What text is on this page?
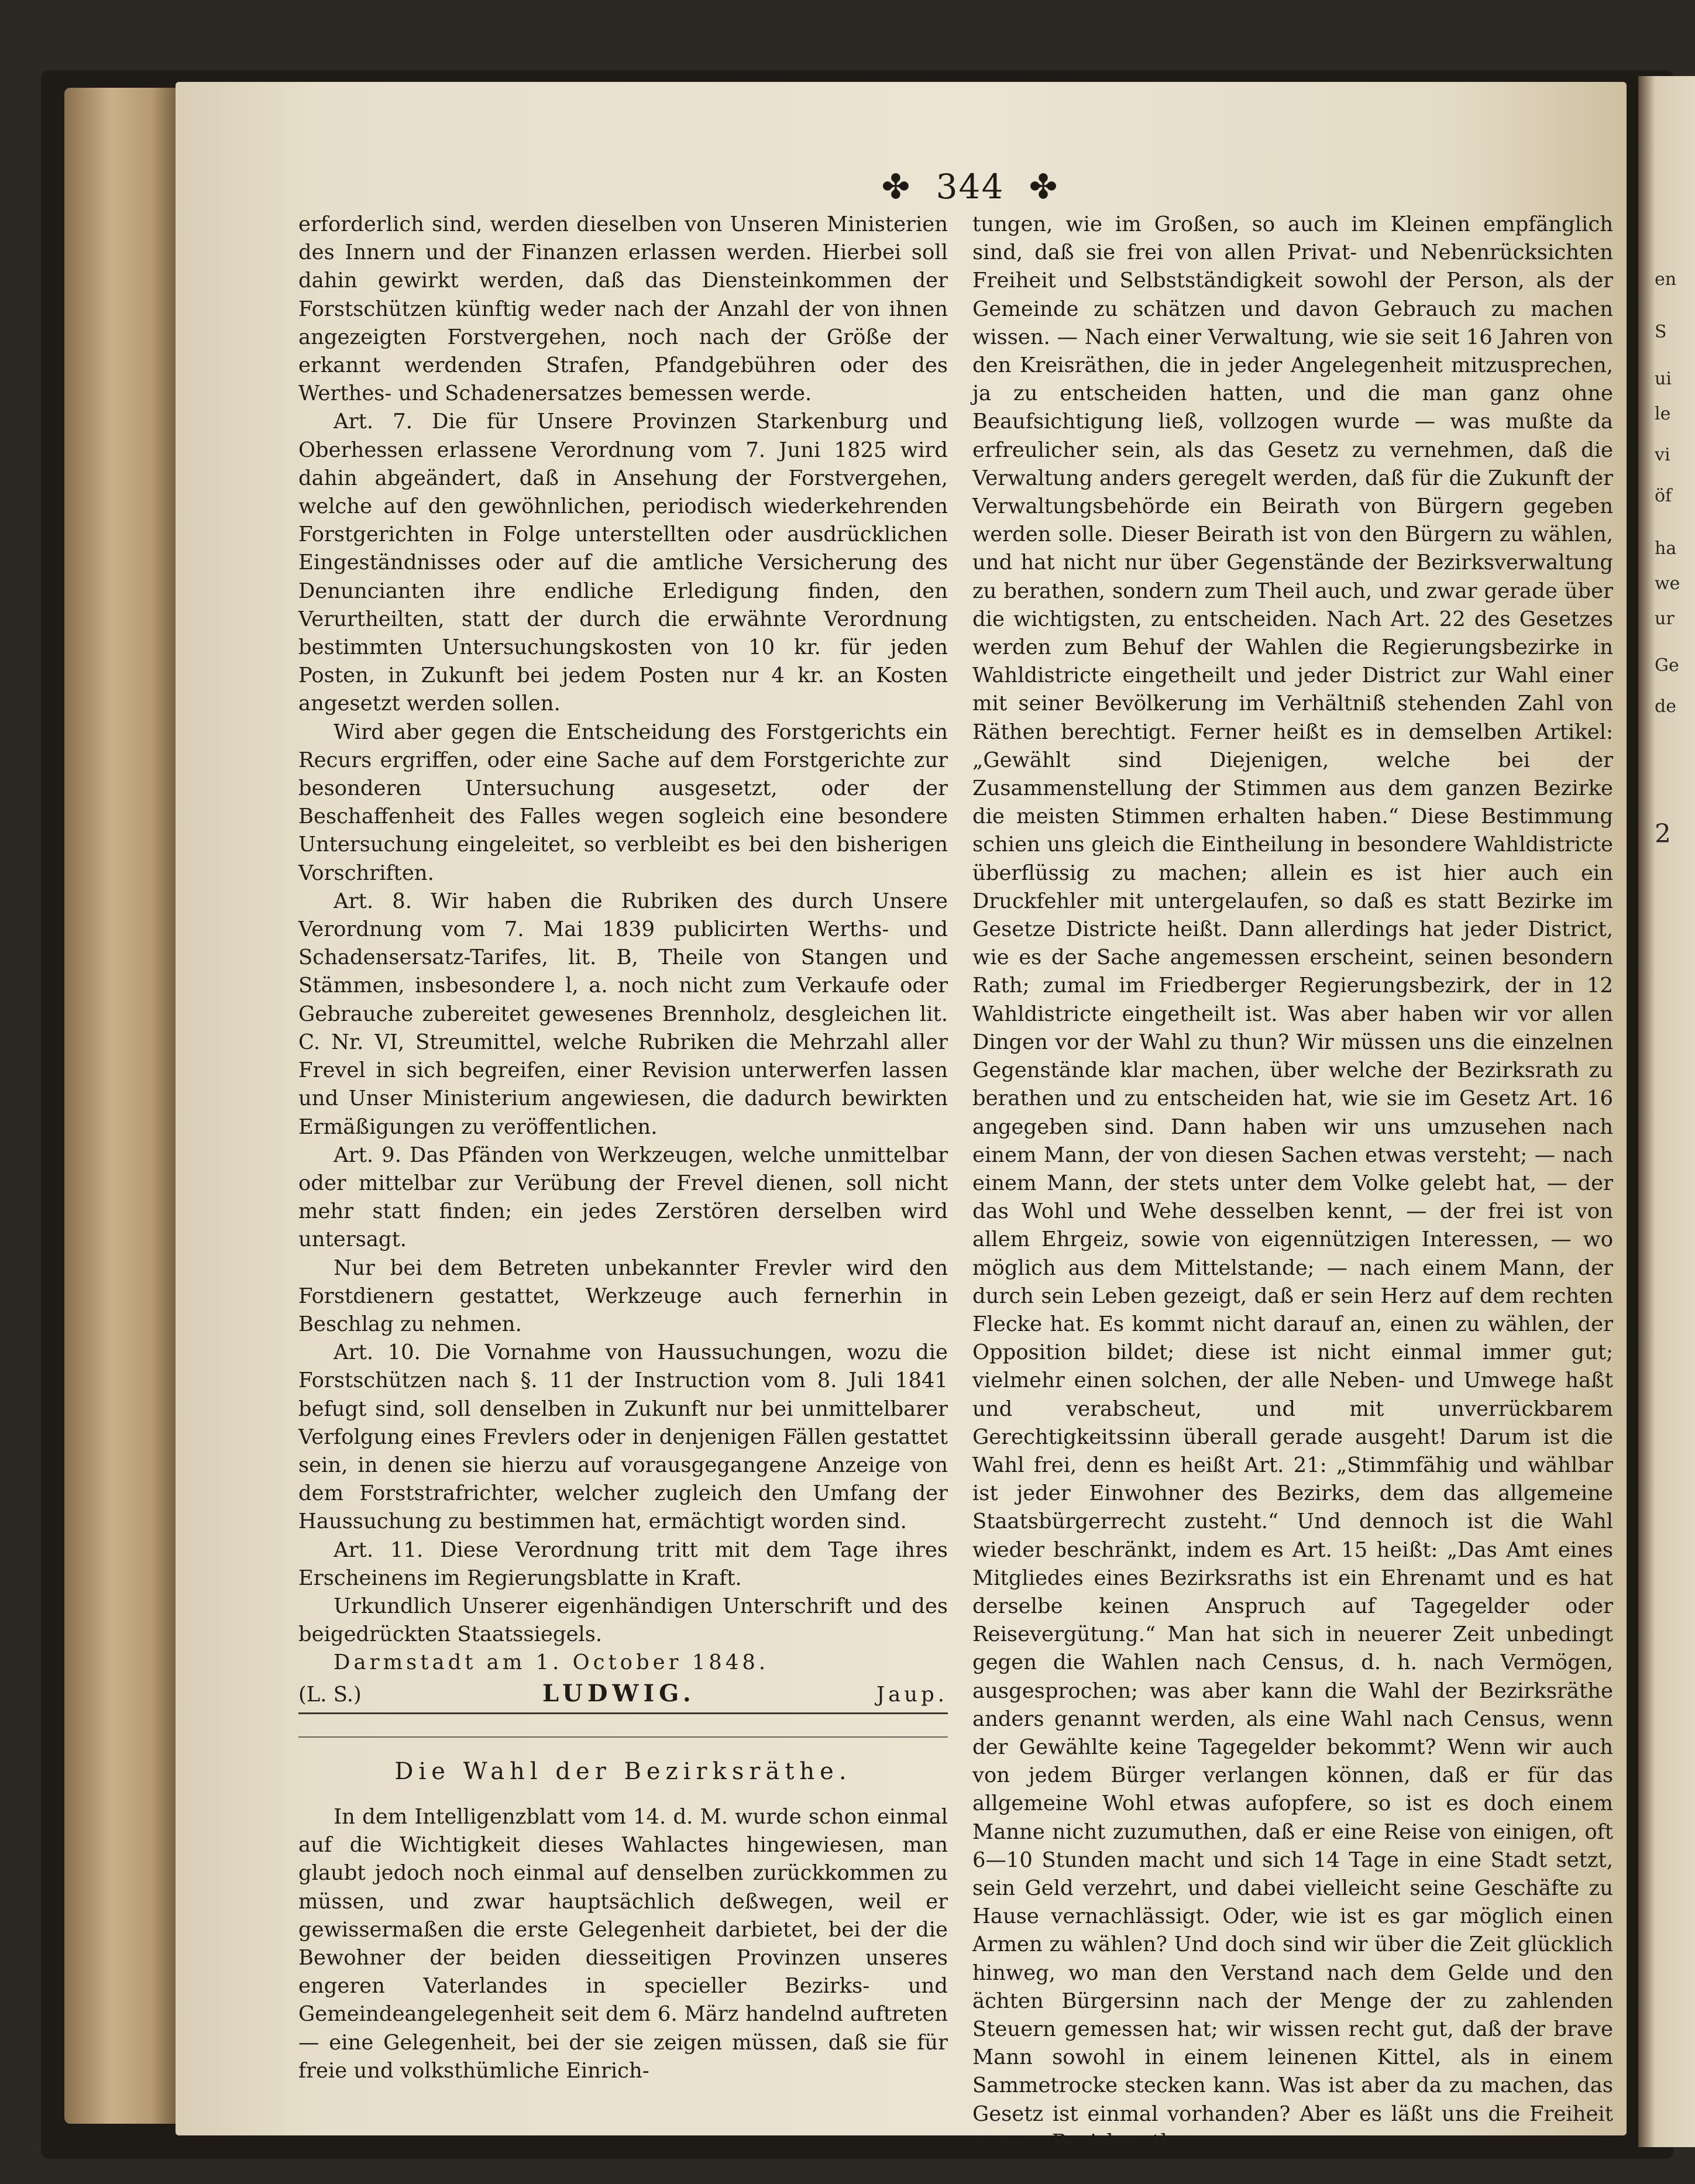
en
S
ui
le
vi
öf
ha
we
ur
Ge
de
2
✤ 344 ✤

erforderlich sind, werden dieselben von Unseren Ministerien des Innern und der Finanzen erlassen werden. Hierbei soll dahin gewirkt werden, daß das Diensteinkommen der Forstschützen künftig weder nach der Anzahl der von ihnen angezeigten Forstvergehen, noch nach der Größe der erkannt werdenden Strafen, Pfandgebühren oder des Werthes- und Schadenersatzes bemessen werde.

Art. 7. Die für Unsere Provinzen Starkenburg und Oberhessen erlassene Verordnung vom 7. Juni 1825 wird dahin abgeändert, daß in Ansehung der Forstvergehen, welche auf den gewöhnlichen, periodisch wiederkehrenden Forstgerichten in Folge unterstellten oder ausdrücklichen Eingeständnisses oder auf die amtliche Versicherung des Denuncianten ihre endliche Erledigung finden, den Verurtheilten, statt der durch die erwähnte Verordnung bestimmten Untersuchungskosten von 10 kr. für jeden Posten, in Zukunft bei jedem Posten nur 4 kr. an Kosten angesetzt werden sollen.

Wird aber gegen die Entscheidung des Forstgerichts ein Recurs ergriffen, oder eine Sache auf dem Forstgerichte zur besonderen Untersuchung ausgesetzt, oder der Beschaffenheit des Falles wegen sogleich eine besondere Untersuchung eingeleitet, so verbleibt es bei den bisherigen Vorschriften.

Art. 8. Wir haben die Rubriken des durch Unsere Verordnung vom 7. Mai 1839 publicirten Werths- und Schadensersatz-Tarifes, lit. B, Theile von Stangen und Stämmen, insbesondere l, a. noch nicht zum Verkaufe oder Gebrauche zubereitet gewesenes Brennholz, desgleichen lit. C. Nr. VI, Streumittel, welche Rubriken die Mehrzahl aller Frevel in sich begreifen, einer Revision unterwerfen lassen und Unser Ministerium angewiesen, die dadurch bewirkten Ermäßigungen zu veröffentlichen.

Art. 9. Das Pfänden von Werkzeugen, welche unmittelbar oder mittelbar zur Verübung der Frevel dienen, soll nicht mehr statt finden; ein jedes Zerstören derselben wird untersagt.

Nur bei dem Betreten unbekannter Frevler wird den Forstdienern gestattet, Werkzeuge auch fernerhin in Beschlag zu nehmen.

Art. 10. Die Vornahme von Haussuchungen, wozu die Forstschützen nach §. 11 der Instruction vom 8. Juli 1841 befugt sind, soll denselben in Zukunft nur bei unmittelbarer Verfolgung eines Frevlers oder in denjenigen Fällen gestattet sein, in denen sie hierzu auf vorausgegangene Anzeige von dem Forststrafrichter, welcher zugleich den Umfang der Haussuchung zu bestimmen hat, ermächtigt worden sind.

Art. 11. Diese Verordnung tritt mit dem Tage ihres Erscheinens im Regierungsblatte in Kraft.

Urkundlich Unserer eigenhändigen Unterschrift und des beigedrückten Staatssiegels.

Darmstadt am 1. October 1848.

(L. S.)	LUDWIG.	Jaup.
Die Wahl der Bezirksräthe.

In dem Intelligenzblatt vom 14. d. M. wurde schon einmal auf die Wichtigkeit dieses Wahlactes hingewiesen, man glaubt jedoch noch einmal auf denselben zurückkommen zu müssen, und zwar hauptsächlich deßwegen, weil er gewissermaßen die erste Gelegenheit darbietet, bei der die Bewohner der beiden diesseitigen Provinzen unseres engeren Vaterlandes in specieller Bezirks- und Gemeindeangelegenheit seit dem 6. März handelnd auftreten — eine Gelegenheit, bei der sie zeigen müssen, daß sie für freie und volksthümliche Einrich-

tungen, wie im Großen, so auch im Kleinen empfänglich sind, daß sie frei von allen Privat- und Nebenrücksichten Freiheit und Selbstständigkeit sowohl der Person, als der Gemeinde zu schätzen und davon Gebrauch zu machen wissen. — Nach einer Verwaltung, wie sie seit 16 Jahren von den Kreisräthen, die in jeder Angelegenheit mitzusprechen, ja zu entscheiden hatten, und die man ganz ohne Beaufsichtigung ließ, vollzogen wurde — was mußte da erfreulicher sein, als das Gesetz zu vernehmen, daß die Verwaltung anders geregelt werden, daß für die Zukunft der Verwaltungsbehörde ein Beirath von Bürgern gegeben werden solle. Dieser Beirath ist von den Bürgern zu wählen, und hat nicht nur über Gegenstände der Bezirksverwaltung zu berathen, sondern zum Theil auch, und zwar gerade über die wichtigsten, zu entscheiden. Nach Art. 22 des Gesetzes werden zum Behuf der Wahlen die Regierungsbezirke in Wahldistricte eingetheilt und jeder District zur Wahl einer mit seiner Bevölkerung im Verhältniß stehenden Zahl von Räthen berechtigt. Ferner heißt es in demselben Artikel: „Gewählt sind Diejenigen, welche bei der Zusammenstellung der Stimmen aus dem ganzen Bezirke die meisten Stimmen erhalten haben.“ Diese Bestimmung schien uns gleich die Eintheilung in besondere Wahldistricte überflüssig zu machen; allein es ist hier auch ein Druckfehler mit untergelaufen, so daß es statt Bezirke im Gesetze Districte heißt. Dann allerdings hat jeder District, wie es der Sache angemessen erscheint, seinen besondern Rath; zumal im Friedberger Regierungsbezirk, der in 12 Wahldistricte eingetheilt ist. Was aber haben wir vor allen Dingen vor der Wahl zu thun? Wir müssen uns die einzelnen Gegenstände klar machen, über welche der Bezirksrath zu berathen und zu entscheiden hat, wie sie im Gesetz Art. 16 angegeben sind. Dann haben wir uns umzusehen nach einem Mann, der von diesen Sachen etwas versteht; — nach einem Mann, der stets unter dem Volke gelebt hat, — der das Wohl und Wehe desselben kennt, — der frei ist von allem Ehrgeiz, sowie von eigennützigen Interessen, — wo möglich aus dem Mittelstande; — nach einem Mann, der durch sein Leben gezeigt, daß er sein Herz auf dem rechten Flecke hat. Es kommt nicht darauf an, einen zu wählen, der Opposition bildet; diese ist nicht einmal immer gut; vielmehr einen solchen, der alle Neben- und Umwege haßt und verabscheut, und mit unverrückbarem Gerechtigkeitssinn überall gerade ausgeht! Darum ist die Wahl frei, denn es heißt Art. 21: „Stimmfähig und wählbar ist jeder Einwohner des Bezirks, dem das allgemeine Staatsbürgerrecht zusteht.“ Und dennoch ist die Wahl wieder beschränkt, indem es Art. 15 heißt: „Das Amt eines Mitgliedes eines Bezirksraths ist ein Ehrenamt und es hat derselbe keinen Anspruch auf Tagegelder oder Reisevergütung.“ Man hat sich in neuerer Zeit unbedingt gegen die Wahlen nach Census, d. h. nach Vermögen, ausgesprochen; was aber kann die Wahl der Bezirksräthe anders genannt werden, als eine Wahl nach Census, wenn der Gewählte keine Tagegelder bekommt? Wenn wir auch von jedem Bürger verlangen können, daß er für das allgemeine Wohl etwas aufopfere, so ist es doch einem Manne nicht zuzumuthen, daß er eine Reise von einigen, oft 6—10 Stunden macht und sich 14 Tage in eine Stadt setzt, sein Geld verzehrt, und dabei vielleicht seine Geschäfte zu Hause vernachlässigt. Oder, wie ist es gar möglich einen Armen zu wählen? Und doch sind wir über die Zeit glücklich hinweg, wo man den Verstand nach dem Gelde und den ächten Bürgersinn nach der Menge der zu zahlenden Steuern gemessen hat; wir wissen recht gut, daß der brave Mann sowohl in einem leinenen Kittel, als in einem Sammetrocke stecken kann. Was ist aber da zu machen, das Gesetz ist einmal vorhanden? Aber es läßt uns die Freiheit unsern Bezirksrath zu
